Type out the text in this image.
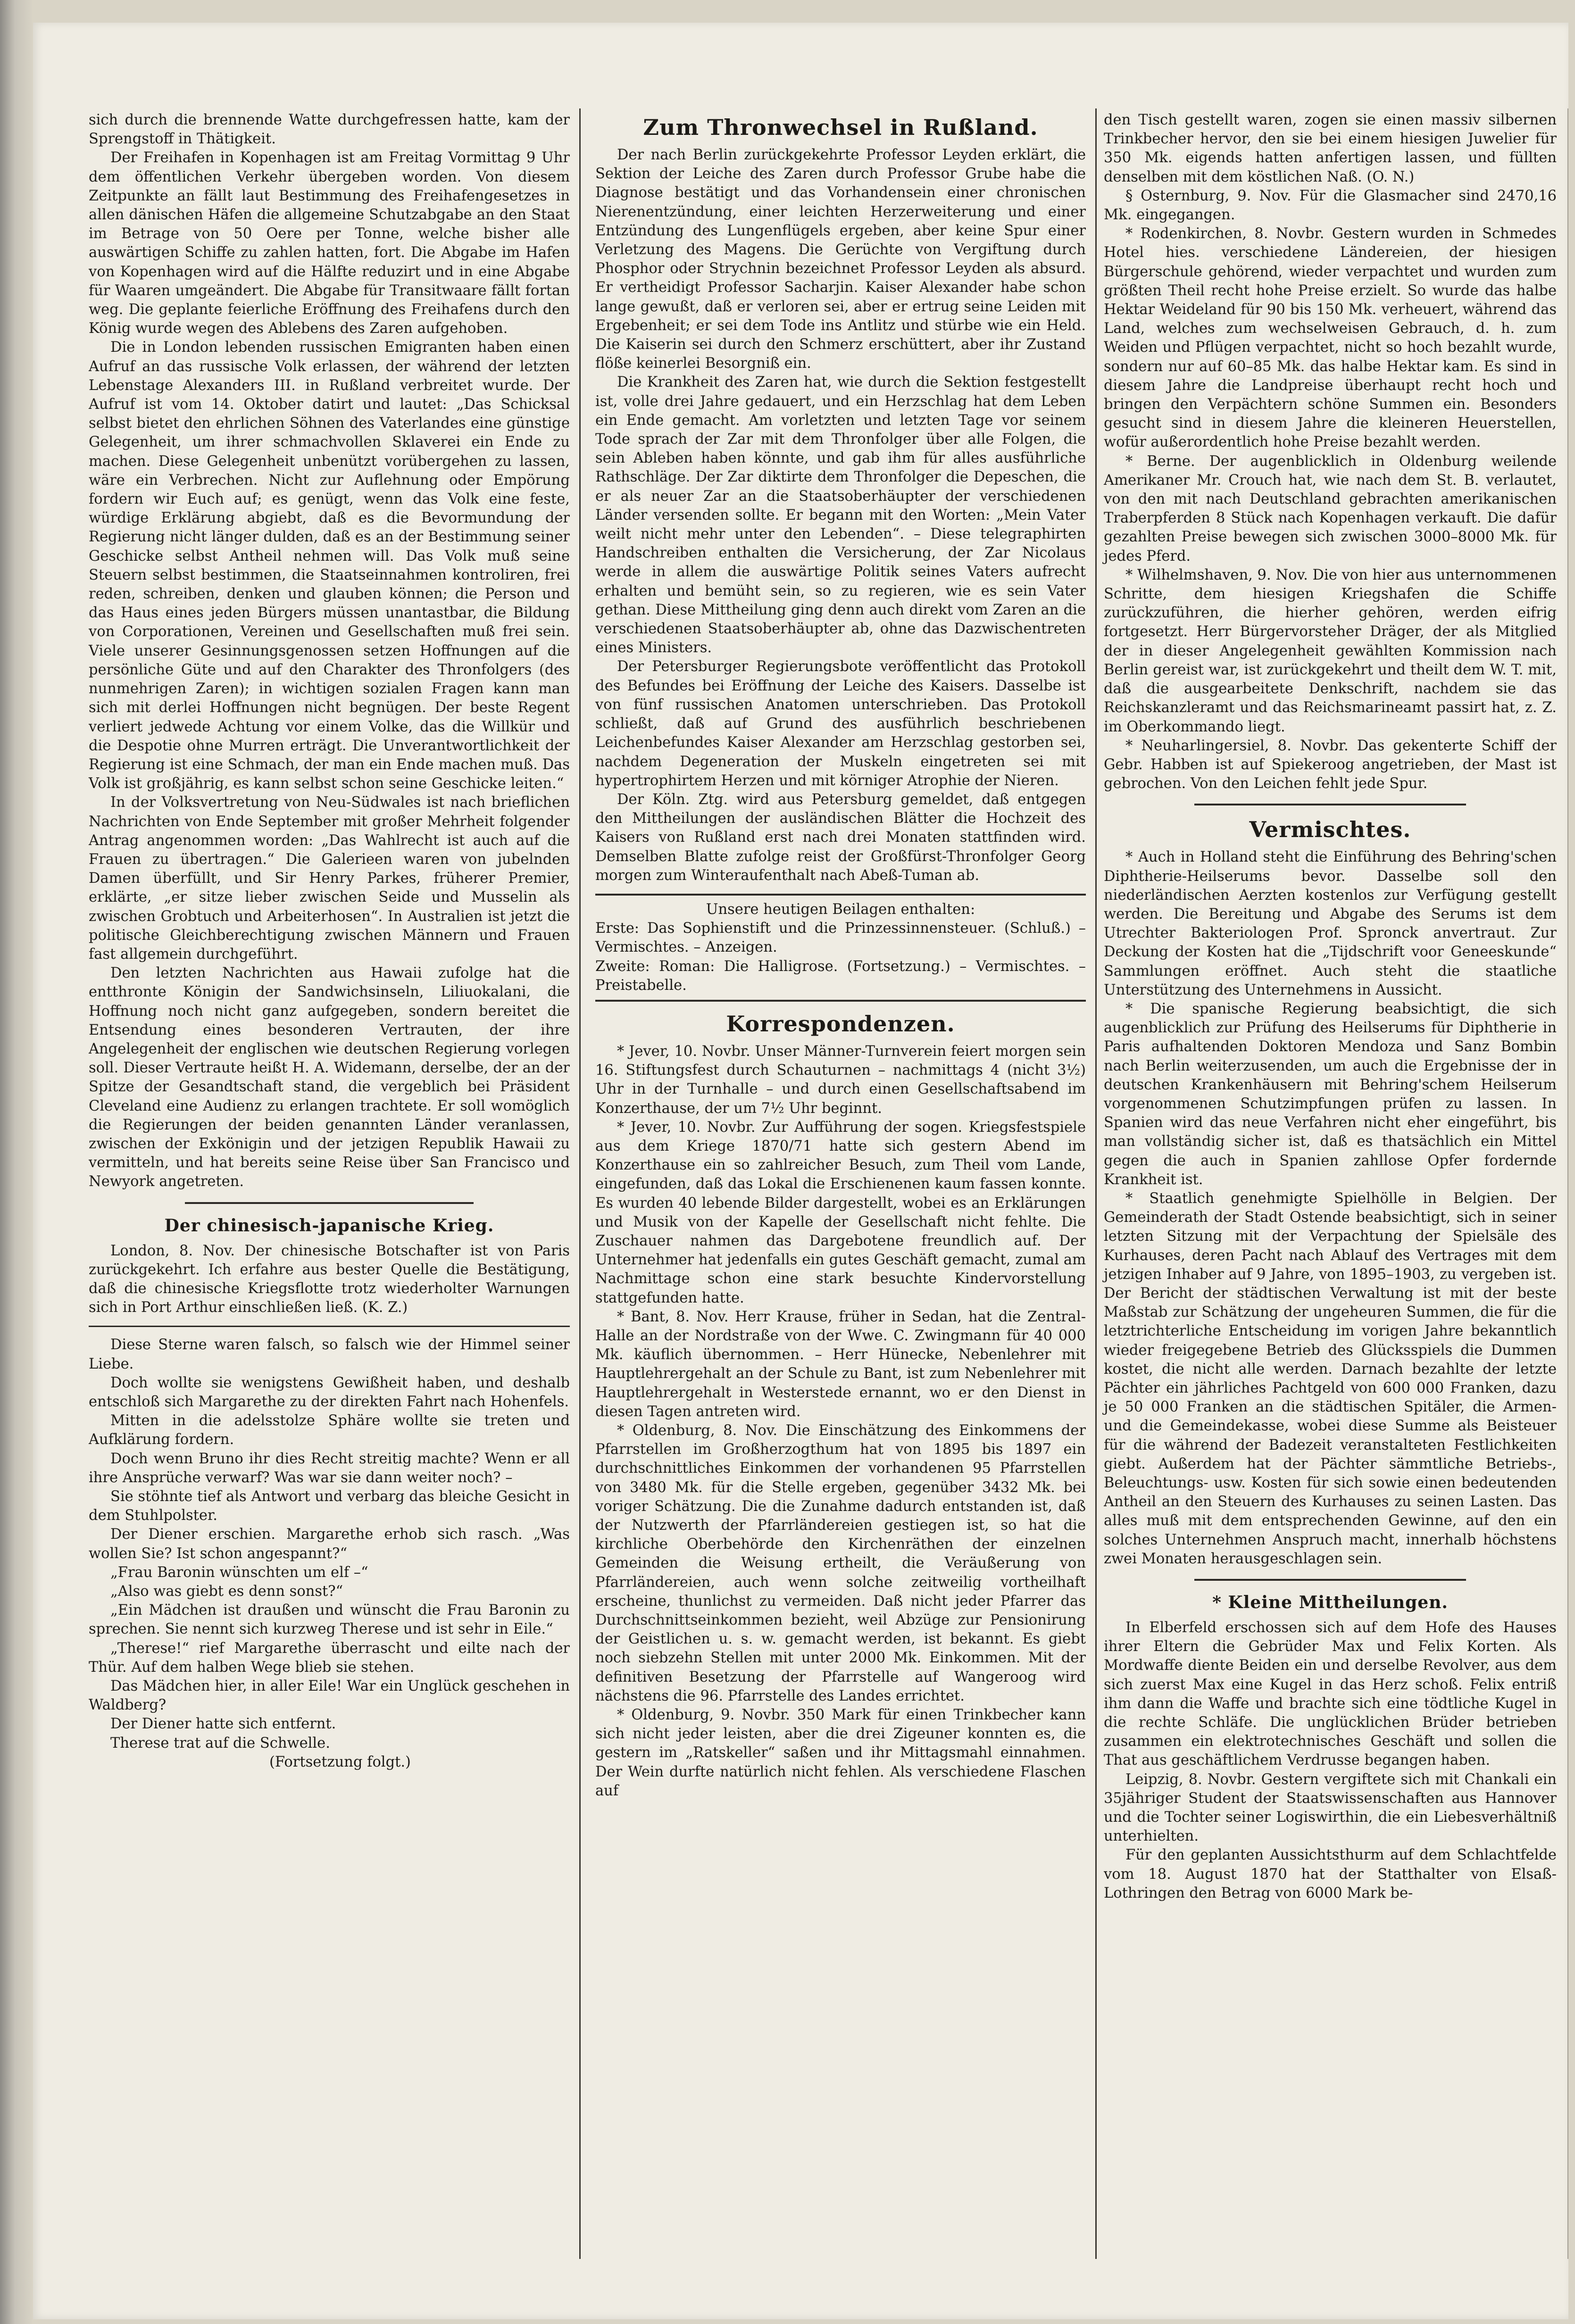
sich durch die brennende Watte durchgefressen hatte, kam der Sprengstoff in Thätigkeit.

Der Freihafen in Kopenhagen ist am Freitag Vormittag 9 Uhr dem öffentlichen Verkehr übergeben worden. Von diesem Zeitpunkte an fällt laut Bestimmung des Freihafengesetzes in allen dänischen Häfen die allgemeine Schutzabgabe an den Staat im Betrage von 50 Oere per Tonne, welche bisher alle auswärtigen Schiffe zu zahlen hatten, fort. Die Abgabe im Hafen von Kopenhagen wird auf die Hälfte reduzirt und in eine Abgabe für Waaren umgeändert. Die Abgabe für Transitwaare fällt fortan weg. Die geplante feierliche Eröffnung des Freihafens durch den König wurde wegen des Ablebens des Zaren aufgehoben.

Die in London lebenden russischen Emigranten haben einen Aufruf an das russische Volk erlassen, der während der letzten Lebenstage Alexanders III. in Rußland verbreitet wurde. Der Aufruf ist vom 14. Oktober datirt und lautet: „Das Schicksal selbst bietet den ehrlichen Söhnen des Vaterlandes eine günstige Gelegenheit, um ihrer schmachvollen Sklaverei ein Ende zu machen. Diese Gelegenheit unbenützt vorübergehen zu lassen, wäre ein Verbrechen. Nicht zur Auflehnung oder Empörung fordern wir Euch auf; es genügt, wenn das Volk eine feste, würdige Erklärung abgiebt, daß es die Bevormundung der Regierung nicht länger dulden, daß es an der Bestimmung seiner Geschicke selbst Antheil nehmen will. Das Volk muß seine Steuern selbst bestimmen, die Staatseinnahmen kontroliren, frei reden, schreiben, denken und glauben können; die Person und das Haus eines jeden Bürgers müssen unantastbar, die Bildung von Corporationen, Vereinen und Gesellschaften muß frei sein. Viele unserer Gesinnungsgenossen setzen Hoffnungen auf die persönliche Güte und auf den Charakter des Thronfolgers (des nunmehrigen Zaren); in wichtigen sozialen Fragen kann man sich mit derlei Hoffnungen nicht begnügen. Der beste Regent verliert jedwede Achtung vor einem Volke, das die Willkür und die Despotie ohne Murren erträgt. Die Unverantwortlichkeit der Regierung ist eine Schmach, der man ein Ende machen muß. Das Volk ist großjährig, es kann selbst schon seine Geschicke leiten.“

In der Volksvertretung von Neu-Südwales ist nach brieflichen Nachrichten von Ende September mit großer Mehrheit folgender Antrag angenommen worden: „Das Wahlrecht ist auch auf die Frauen zu übertragen.“ Die Galerieen waren von jubelnden Damen überfüllt, und Sir Henry Parkes, früherer Premier, erklärte, „er sitze lieber zwischen Seide und Musselin als zwischen Grobtuch und Arbeiterhosen“. In Australien ist jetzt die politische Gleichberechtigung zwischen Männern und Frauen fast allgemein durchgeführt.

Den letzten Nachrichten aus Hawaii zufolge hat die entthronte Königin der Sandwichsinseln, Liliuokalani, die Hoffnung noch nicht ganz aufgegeben, sondern bereitet die Entsendung eines besonderen Vertrauten, der ihre Angelegenheit der englischen wie deutschen Regierung vorlegen soll. Dieser Vertraute heißt H. A. Widemann, derselbe, der an der Spitze der Gesandtschaft stand, die vergeblich bei Präsident Cleveland eine Audienz zu erlangen trachtete. Er soll womöglich die Regierungen der beiden genannten Länder veranlassen, zwischen der Exkönigin und der jetzigen Republik Hawaii zu vermitteln, und hat bereits seine Reise über San Francisco und Newyork angetreten.

Der chinesisch-japanische Krieg.

London, 8. Nov. Der chinesische Botschafter ist von Paris zurückgekehrt. Ich erfahre aus bester Quelle die Bestätigung, daß die chinesische Kriegsflotte trotz wiederholter Warnungen sich in Port Arthur einschließen ließ. (K. Z.)

Diese Sterne waren falsch, so falsch wie der Himmel seiner Liebe.

Doch wollte sie wenigstens Gewißheit haben, und deshalb entschloß sich Margarethe zu der direkten Fahrt nach Hohenfels.

Mitten in die adelsstolze Sphäre wollte sie treten und Aufklärung fordern.

Doch wenn Bruno ihr dies Recht streitig machte? Wenn er all ihre Ansprüche verwarf? Was war sie dann weiter noch? –

Sie stöhnte tief als Antwort und verbarg das bleiche Gesicht in dem Stuhlpolster.

Der Diener erschien. Margarethe erhob sich rasch. „Was wollen Sie? Ist schon angespannt?“

„Frau Baronin wünschten um elf –“

„Also was giebt es denn sonst?“

„Ein Mädchen ist draußen und wünscht die Frau Baronin zu sprechen. Sie nennt sich kurzweg Therese und ist sehr in Eile.“

„Therese!“ rief Margarethe überrascht und eilte nach der Thür. Auf dem halben Wege blieb sie stehen.

Das Mädchen hier, in aller Eile! War ein Unglück geschehen in Waldberg?

Der Diener hatte sich entfernt.

Therese trat auf die Schwelle.

(Fortsetzung folgt.)

Zum Thronwechsel in Rußland.

Der nach Berlin zurückgekehrte Professor Leyden erklärt, die Sektion der Leiche des Zaren durch Professor Grube habe die Diagnose bestätigt und das Vorhandensein einer chronischen Nierenentzündung, einer leichten Herzerweiterung und einer Entzündung des Lungenflügels ergeben, aber keine Spur einer Verletzung des Magens. Die Gerüchte von Vergiftung durch Phosphor oder Strychnin bezeichnet Professor Leyden als absurd. Er vertheidigt Professor Sacharjin. Kaiser Alexander habe schon lange gewußt, daß er verloren sei, aber er ertrug seine Leiden mit Ergebenheit; er sei dem Tode ins Antlitz und stürbe wie ein Held. Die Kaiserin sei durch den Schmerz erschüttert, aber ihr Zustand flöße keinerlei Besorgniß ein.

Die Krankheit des Zaren hat, wie durch die Sektion festgestellt ist, volle drei Jahre gedauert, und ein Herzschlag hat dem Leben ein Ende gemacht. Am vorletzten und letzten Tage vor seinem Tode sprach der Zar mit dem Thronfolger über alle Folgen, die sein Ableben haben könnte, und gab ihm für alles ausführliche Rathschläge. Der Zar diktirte dem Thronfolger die Depeschen, die er als neuer Zar an die Staatsoberhäupter der verschiedenen Länder versenden sollte. Er begann mit den Worten: „Mein Vater weilt nicht mehr unter den Lebenden“. – Diese telegraphirten Handschreiben enthalten die Versicherung, der Zar Nicolaus werde in allem die auswärtige Politik seines Vaters aufrecht erhalten und bemüht sein, so zu regieren, wie es sein Vater gethan. Diese Mittheilung ging denn auch direkt vom Zaren an die verschiedenen Staatsoberhäupter ab, ohne das Dazwischentreten eines Ministers.

Der Petersburger Regierungsbote veröffentlicht das Protokoll des Befundes bei Eröffnung der Leiche des Kaisers. Dasselbe ist von fünf russischen Anatomen unterschrieben. Das Protokoll schließt, daß auf Grund des ausführlich beschriebenen Leichenbefundes Kaiser Alexander am Herzschlag gestorben sei, nachdem Degeneration der Muskeln eingetreten sei mit hypertrophirtem Herzen und mit körniger Atrophie der Nieren.

Der Köln. Ztg. wird aus Petersburg gemeldet, daß entgegen den Mittheilungen der ausländischen Blätter die Hochzeit des Kaisers von Rußland erst nach drei Monaten stattfinden wird. Demselben Blatte zufolge reist der Großfürst-Thronfolger Georg morgen zum Winteraufenthalt nach Abeß-Tuman ab.

Unsere heutigen Beilagen enthalten:
Erste: Das Sophienstift und die Prinzessinnensteuer. (Schluß.) – Vermischtes. – Anzeigen.
Zweite: Roman: Die Halligrose. (Fortsetzung.) – Vermischtes. – Preistabelle.
Korrespondenzen.

* Jever, 10. Novbr. Unser Männer-Turnverein feiert morgen sein 16. Stiftungsfest durch Schauturnen – nachmittags 4 (nicht 3½) Uhr in der Turnhalle – und durch einen Gesellschaftsabend im Konzerthause, der um 7½ Uhr beginnt.

* Jever, 10. Novbr. Zur Aufführung der sogen. Kriegsfestspiele aus dem Kriege 1870/71 hatte sich gestern Abend im Konzerthause ein so zahlreicher Besuch, zum Theil vom Lande, eingefunden, daß das Lokal die Erschienenen kaum fassen konnte. Es wurden 40 lebende Bilder dargestellt, wobei es an Erklärungen und Musik von der Kapelle der Gesellschaft nicht fehlte. Die Zuschauer nahmen das Dargebotene freundlich auf. Der Unternehmer hat jedenfalls ein gutes Geschäft gemacht, zumal am Nachmittage schon eine stark besuchte Kindervorstellung stattgefunden hatte.

* Bant, 8. Nov. Herr Krause, früher in Sedan, hat die Zentral-Halle an der Nordstraße von der Wwe. C. Zwingmann für 40 000 Mk. käuflich übernommen. – Herr Hünecke, Nebenlehrer mit Hauptlehrergehalt an der Schule zu Bant, ist zum Nebenlehrer mit Hauptlehrergehalt in Westerstede ernannt, wo er den Dienst in diesen Tagen antreten wird.

* Oldenburg, 8. Nov. Die Einschätzung des Einkommens der Pfarrstellen im Großherzogthum hat von 1895 bis 1897 ein durchschnittliches Einkommen der vorhandenen 95 Pfarrstellen von 3480 Mk. für die Stelle ergeben, gegenüber 3432 Mk. bei voriger Schätzung. Die die Zunahme dadurch entstanden ist, daß der Nutzwerth der Pfarrländereien gestiegen ist, so hat die kirchliche Oberbehörde den Kirchenräthen der einzelnen Gemeinden die Weisung ertheilt, die Veräußerung von Pfarrländereien, auch wenn solche zeitweilig vortheilhaft erscheine, thunlichst zu vermeiden. Daß nicht jeder Pfarrer das Durchschnittseinkommen bezieht, weil Abzüge zur Pensionirung der Geistlichen u. s. w. gemacht werden, ist bekannt. Es giebt noch siebzehn Stellen mit unter 2000 Mk. Einkommen. Mit der definitiven Besetzung der Pfarrstelle auf Wangeroog wird nächstens die 96. Pfarrstelle des Landes errichtet.

* Oldenburg, 9. Novbr. 350 Mark für einen Trinkbecher kann sich nicht jeder leisten, aber die drei Zigeuner konnten es, die gestern im „Ratskeller“ saßen und ihr Mittagsmahl einnahmen. Der Wein durfte natürlich nicht fehlen. Als verschiedene Flaschen auf

den Tisch gestellt waren, zogen sie einen massiv silbernen Trinkbecher hervor, den sie bei einem hiesigen Juwelier für 350 Mk. eigends hatten anfertigen lassen, und füllten denselben mit dem köstlichen Naß. (O. N.)

§ Osternburg, 9. Nov. Für die Glasmacher sind 2470,16 Mk. eingegangen.

* Rodenkirchen, 8. Novbr. Gestern wurden in Schmedes Hotel hies. verschiedene Ländereien, der hiesigen Bürgerschule gehörend, wieder verpachtet und wurden zum größten Theil recht hohe Preise erzielt. So wurde das halbe Hektar Weideland für 90 bis 150 Mk. verheuert, während das Land, welches zum wechselweisen Gebrauch, d. h. zum Weiden und Pflügen verpachtet, nicht so hoch bezahlt wurde, sondern nur auf 60–85 Mk. das halbe Hektar kam. Es sind in diesem Jahre die Landpreise überhaupt recht hoch und bringen den Verpächtern schöne Summen ein. Besonders gesucht sind in diesem Jahre die kleineren Heuerstellen, wofür außerordentlich hohe Preise bezahlt werden.

* Berne. Der augenblicklich in Oldenburg weilende Amerikaner Mr. Crouch hat, wie nach dem St. B. verlautet, von den mit nach Deutschland gebrachten amerikanischen Traberpferden 8 Stück nach Kopenhagen verkauft. Die dafür gezahlten Preise bewegen sich zwischen 3000–8000 Mk. für jedes Pferd.

* Wilhelmshaven, 9. Nov. Die von hier aus unternommenen Schritte, dem hiesigen Kriegshafen die Schiffe zurückzuführen, die hierher gehören, werden eifrig fortgesetzt. Herr Bürgervorsteher Dräger, der als Mitglied der in dieser Angelegenheit gewählten Kommission nach Berlin gereist war, ist zurückgekehrt und theilt dem W. T. mit, daß die ausgearbeitete Denkschrift, nachdem sie das Reichskanzleramt und das Reichsmarineamt passirt hat, z. Z. im Oberkommando liegt.

* Neuharlingersiel, 8. Novbr. Das gekenterte Schiff der Gebr. Habben ist auf Spiekeroog angetrieben, der Mast ist gebrochen. Von den Leichen fehlt jede Spur.

Vermischtes.

* Auch in Holland steht die Einführung des Behring'schen Diphtherie-Heilserums bevor. Dasselbe soll den niederländischen Aerzten kostenlos zur Verfügung gestellt werden. Die Bereitung und Abgabe des Serums ist dem Utrechter Bakteriologen Prof. Spronck anvertraut. Zur Deckung der Kosten hat die „Tijdschrift voor Geneeskunde“ Sammlungen eröffnet. Auch steht die staatliche Unterstützung des Unternehmens in Aussicht.

* Die spanische Regierung beabsichtigt, die sich augenblicklich zur Prüfung des Heilserums für Diphtherie in Paris aufhaltenden Doktoren Mendoza und Sanz Bombin nach Berlin weiterzusenden, um auch die Ergebnisse der in deutschen Krankenhäusern mit Behring'schem Heilserum vorgenommenen Schutzimpfungen prüfen zu lassen. In Spanien wird das neue Verfahren nicht eher eingeführt, bis man vollständig sicher ist, daß es thatsächlich ein Mittel gegen die auch in Spanien zahllose Opfer fordernde Krankheit ist.

* Staatlich genehmigte Spielhölle in Belgien. Der Gemeinderath der Stadt Ostende beabsichtigt, sich in seiner letzten Sitzung mit der Verpachtung der Spielsäle des Kurhauses, deren Pacht nach Ablauf des Vertrages mit dem jetzigen Inhaber auf 9 Jahre, von 1895–1903, zu vergeben ist. Der Bericht der städtischen Verwaltung ist mit der beste Maßstab zur Schätzung der ungeheuren Summen, die für die letztrichterliche Entscheidung im vorigen Jahre bekanntlich wieder freigegebene Betrieb des Glücksspiels die Dummen kostet, die nicht alle werden. Darnach bezahlte der letzte Pächter ein jährliches Pachtgeld von 600 000 Franken, dazu je 50 000 Franken an die städtischen Spitäler, die Armen- und die Gemeindekasse, wobei diese Summe als Beisteuer für die während der Badezeit veranstalteten Festlichkeiten giebt. Außerdem hat der Pächter sämmtliche Betriebs-, Beleuchtungs- usw. Kosten für sich sowie einen bedeutenden Antheil an den Steuern des Kurhauses zu seinen Lasten. Das alles muß mit dem entsprechenden Gewinne, auf den ein solches Unternehmen Anspruch macht, innerhalb höchstens zwei Monaten herausgeschlagen sein.

* Kleine Mittheilungen.

In Elberfeld erschossen sich auf dem Hofe des Hauses ihrer Eltern die Gebrüder Max und Felix Korten. Als Mordwaffe diente Beiden ein und derselbe Revolver, aus dem sich zuerst Max eine Kugel in das Herz schoß. Felix entriß ihm dann die Waffe und brachte sich eine tödtliche Kugel in die rechte Schläfe. Die unglücklichen Brüder betrieben zusammen ein elektrotechnisches Geschäft und sollen die That aus geschäftlichem Verdrusse begangen haben.

Leipzig, 8. Novbr. Gestern vergiftete sich mit Chankali ein 35jähriger Student der Staatswissenschaften aus Hannover und die Tochter seiner Logiswirthin, die ein Liebesverhältniß unterhielten.

Für den geplanten Aussichtsthurm auf dem Schlachtfelde vom 18. August 1870 hat der Statthalter von Elsaß-Lothringen den Betrag von 6000 Mark be-
